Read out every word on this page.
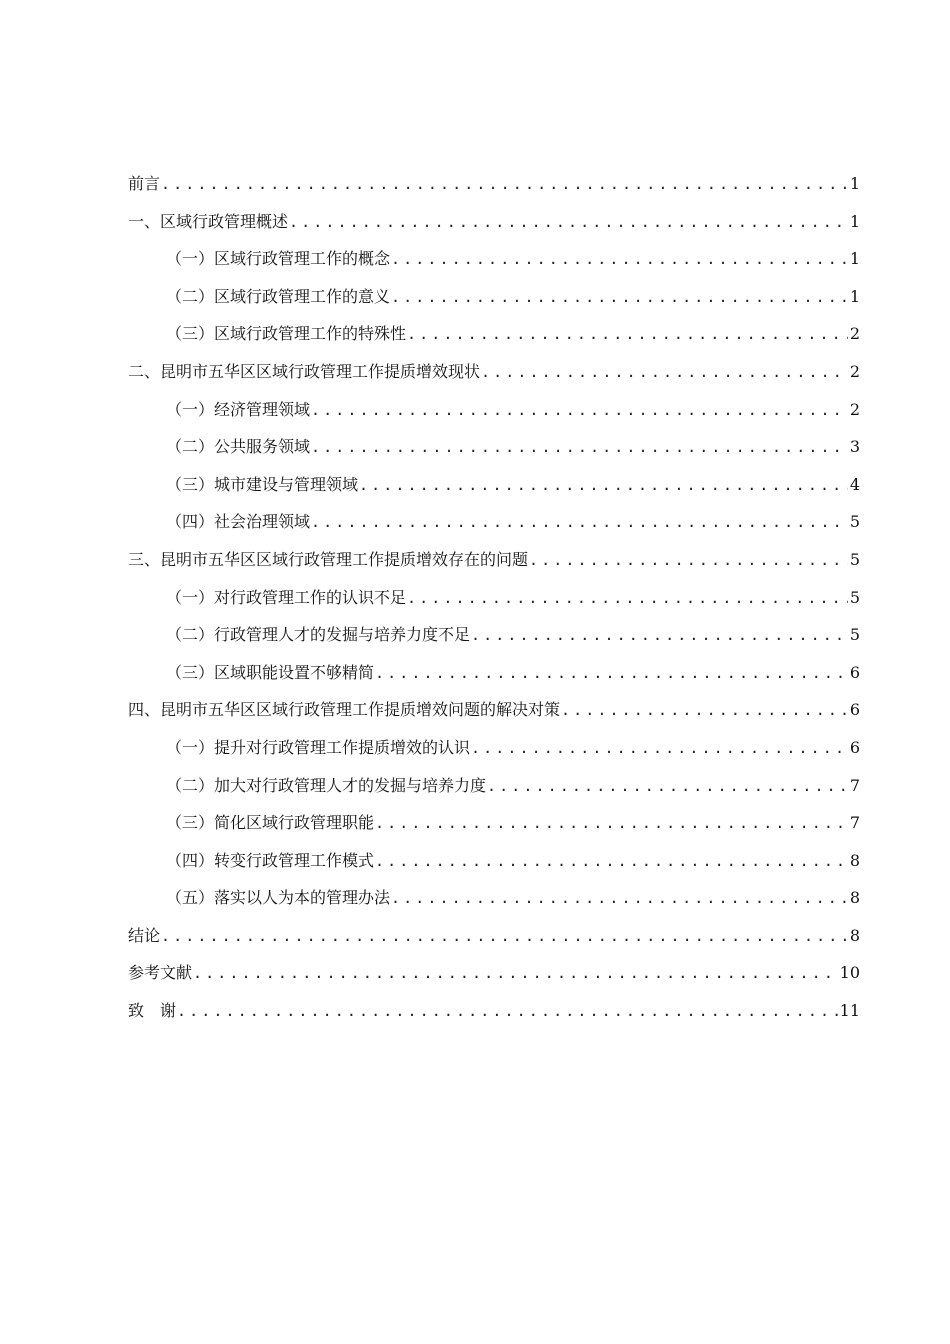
前言 .....	1
一、区域行政管理概述 .....	1
（一）区域行政管理工作的概念 .....	1
（二）区域行政管理工作的意义 .....	1
（三）区域行政管理工作的特殊性 .....	2
二、昆明市五华区区域行政管理工作提质增效现状 .....	2
（一）经济管理领域 .....	2
（二）公共服务领域 .....	3
（三）城市建设与管理领域 .....	4
（四）社会治理领域 .....	5
三、昆明市五华区区域行政管理工作提质增效存在的问题 .....	5
（一）对行政管理工作的认识不足 .....	5
（二）行政管理人才的发掘与培养力度不足 .....	5
（三）区域职能设置不够精简 .....	6
四、昆明市五华区区域行政管理工作提质增效问题的解决对策 .....	6
（一）提升对行政管理工作提质增效的认识 .....	6
（二）加大对行政管理人才的发掘与培养力度 .....	7
（三）简化区域行政管理职能 .....	7
（四）转变行政管理工作模式 .....	8
（五）落实以人为本的管理办法 .....	8
结论 .....	8
参考文献 .....	10
致　谢 .....	11
